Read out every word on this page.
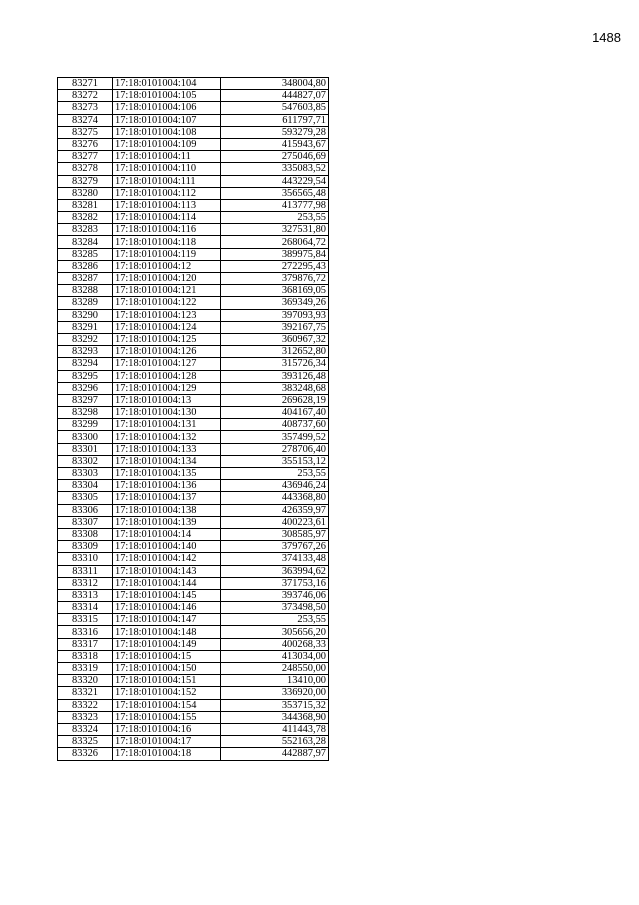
1488
83271	17:18:0101004:104	348004,80
83272	17:18:0101004:105	444827,07
83273	17:18:0101004:106	547603,85
83274	17:18:0101004:107	611797,71
83275	17:18:0101004:108	593279,28
83276	17:18:0101004:109	415943,67
83277	17:18:0101004:11	275046,69
83278	17:18:0101004:110	335083,52
83279	17:18:0101004:111	443229,54
83280	17:18:0101004:112	356565,48
83281	17:18:0101004:113	413777,98
83282	17:18:0101004:114	253,55
83283	17:18:0101004:116	327531,80
83284	17:18:0101004:118	268064,72
83285	17:18:0101004:119	389975,84
83286	17:18:0101004:12	272295,43
83287	17:18:0101004:120	379876,72
83288	17:18:0101004:121	368169,05
83289	17:18:0101004:122	369349,26
83290	17:18:0101004:123	397093,93
83291	17:18:0101004:124	392167,75
83292	17:18:0101004:125	360967,32
83293	17:18:0101004:126	312652,80
83294	17:18:0101004:127	315726,34
83295	17:18:0101004:128	393126,48
83296	17:18:0101004:129	383248,68
83297	17:18:0101004:13	269628,19
83298	17:18:0101004:130	404167,40
83299	17:18:0101004:131	408737,60
83300	17:18:0101004:132	357499,52
83301	17:18:0101004:133	278706,40
83302	17:18:0101004:134	355153,12
83303	17:18:0101004:135	253,55
83304	17:18:0101004:136	436946,24
83305	17:18:0101004:137	443368,80
83306	17:18:0101004:138	426359,97
83307	17:18:0101004:139	400223,61
83308	17:18:0101004:14	308585,97
83309	17:18:0101004:140	379767,26
83310	17:18:0101004:142	374133,48
83311	17:18:0101004:143	363994,62
83312	17:18:0101004:144	371753,16
83313	17:18:0101004:145	393746,06
83314	17:18:0101004:146	373498,50
83315	17:18:0101004:147	253,55
83316	17:18:0101004:148	305656,20
83317	17:18:0101004:149	400268,33
83318	17:18:0101004:15	413034,00
83319	17:18:0101004:150	248550,00
83320	17:18:0101004:151	13410,00
83321	17:18:0101004:152	336920,00
83322	17:18:0101004:154	353715,32
83323	17:18:0101004:155	344368,90
83324	17:18:0101004:16	411443,78
83325	17:18:0101004:17	552163,28
83326	17:18:0101004:18	442887,97
